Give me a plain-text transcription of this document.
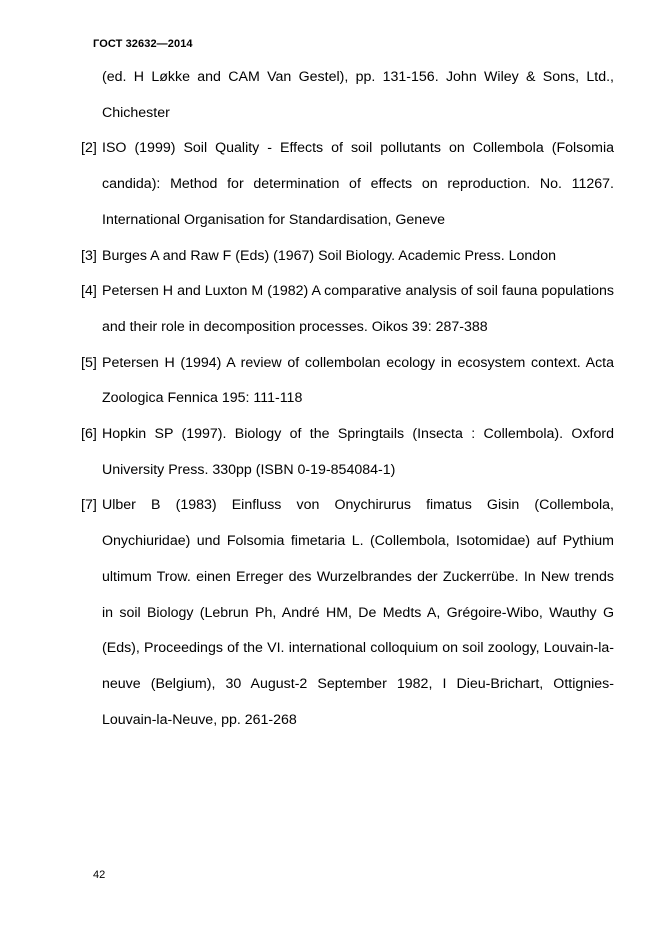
ГОСТ 32632—2014
(ed. H Løkke and CAM Van Gestel), pp. 131-156. John Wiley & Sons, Ltd., Chichester
[2] ISO (1999) Soil Quality - Effects of soil pollutants on Collembola (Folsomia candida): Method for determination of effects on reproduction. No. 11267. International Organisation for Standardisation, Geneve
[3] Burges A and Raw F (Eds) (1967) Soil Biology. Academic Press. London
[4] Petersen H and Luxton M (1982) A comparative analysis of soil fauna populations and their role in decomposition processes. Oikos 39: 287-388
[5] Petersen H (1994) A review of collembolan ecology in ecosystem context. Acta Zoologica Fennica 195: 111-118
[6] Hopkin SP (1997). Biology of the Springtails (Insecta : Collembola). Oxford University Press. 330pp (ISBN 0-19-854084-1)
[7] Ulber B (1983) Einfluss von Onychirurus fimatus Gisin (Collembola, Onychiuridae) und Folsomia fimetaria L. (Collembola, Isotomidae) auf Pythium ultimum Trow. einen Erreger des Wurzelbrandes der Zuckerrübe. In New trends in soil Biology (Lebrun Ph, André HM, De Medts A, Grégoire-Wibo, Wauthy G (Eds), Proceedings of the VI. international colloquium on soil zoology, Louvain-la-neuve (Belgium), 30 August-2 September 1982, I Dieu-Brichart, Ottignies-Louvain-la-Neuve, pp. 261-268
42
